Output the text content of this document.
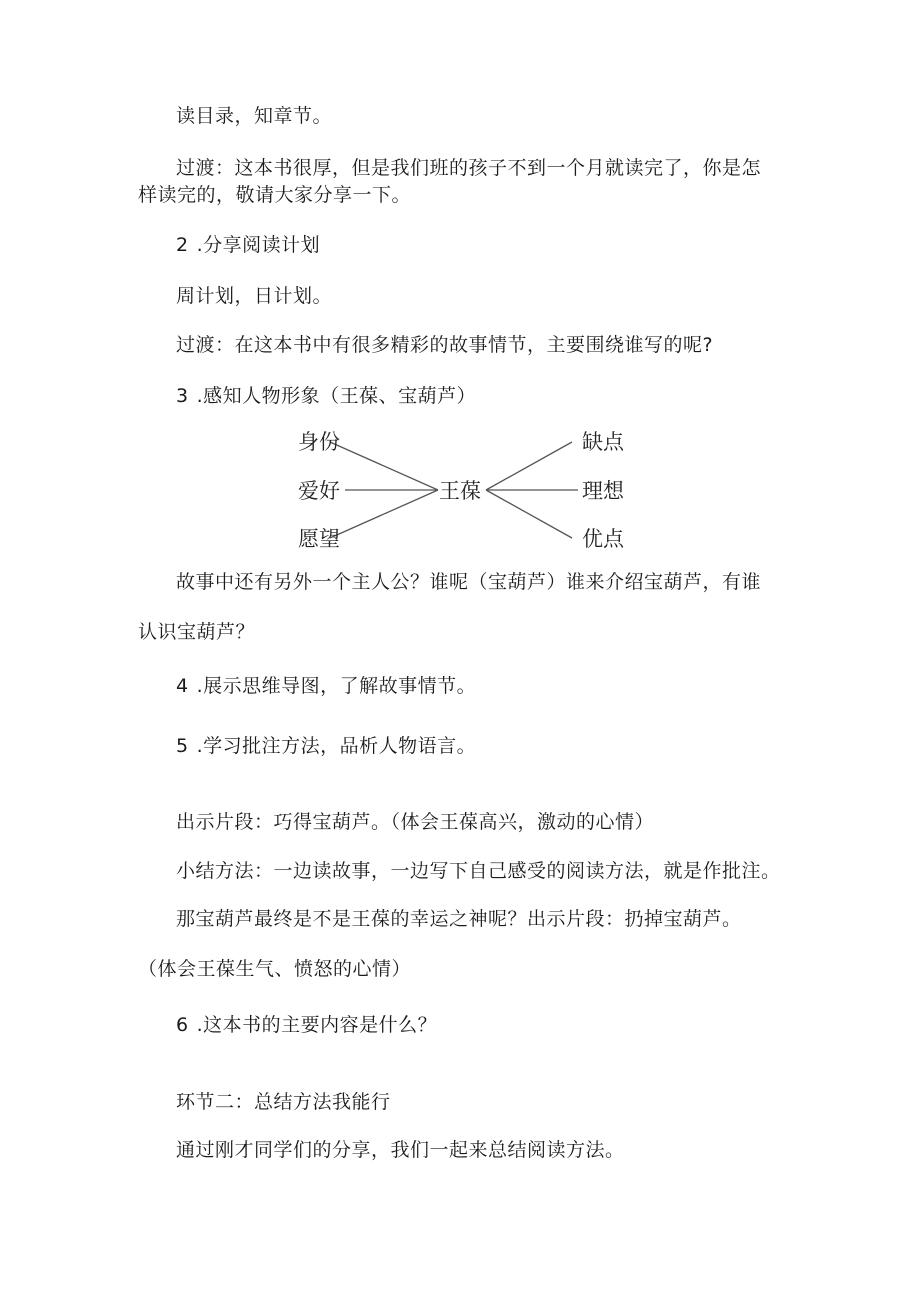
读目录，知章节。
过渡：这本书很厚，但是我们班的孩子不到一个月就读完了，你是怎
样读完的，敬请大家分享一下。
2 .分享阅读计划
周计划，日计划。
过渡：在这本书中有很多精彩的故事情节，主要围绕谁写的呢?
3 .感知人物形象（王葆、宝葫芦）
王葆
身份
爱好
愿望
缺点
理想
优点
故事中还有另外一个主人公？谁呢（宝葫芦）谁来介绍宝葫芦，有谁
认识宝葫芦？
4 .展示思维导图，了解故事情节。
5 .学习批注方法，品析人物语言。
出示片段：巧得宝葫芦。（体会王葆高兴，激动的心情）
小结方法：一边读故事，一边写下自己感受的阅读方法，就是作批注。
那宝葫芦最终是不是王葆的幸运之神呢？出示片段：扔掉宝葫芦。
（体会王葆生气、愤怒的心情）
6 .这本书的主要内容是什么？
环节二：总结方法我能行
通过刚才同学们的分享，我们一起来总结阅读方法。
